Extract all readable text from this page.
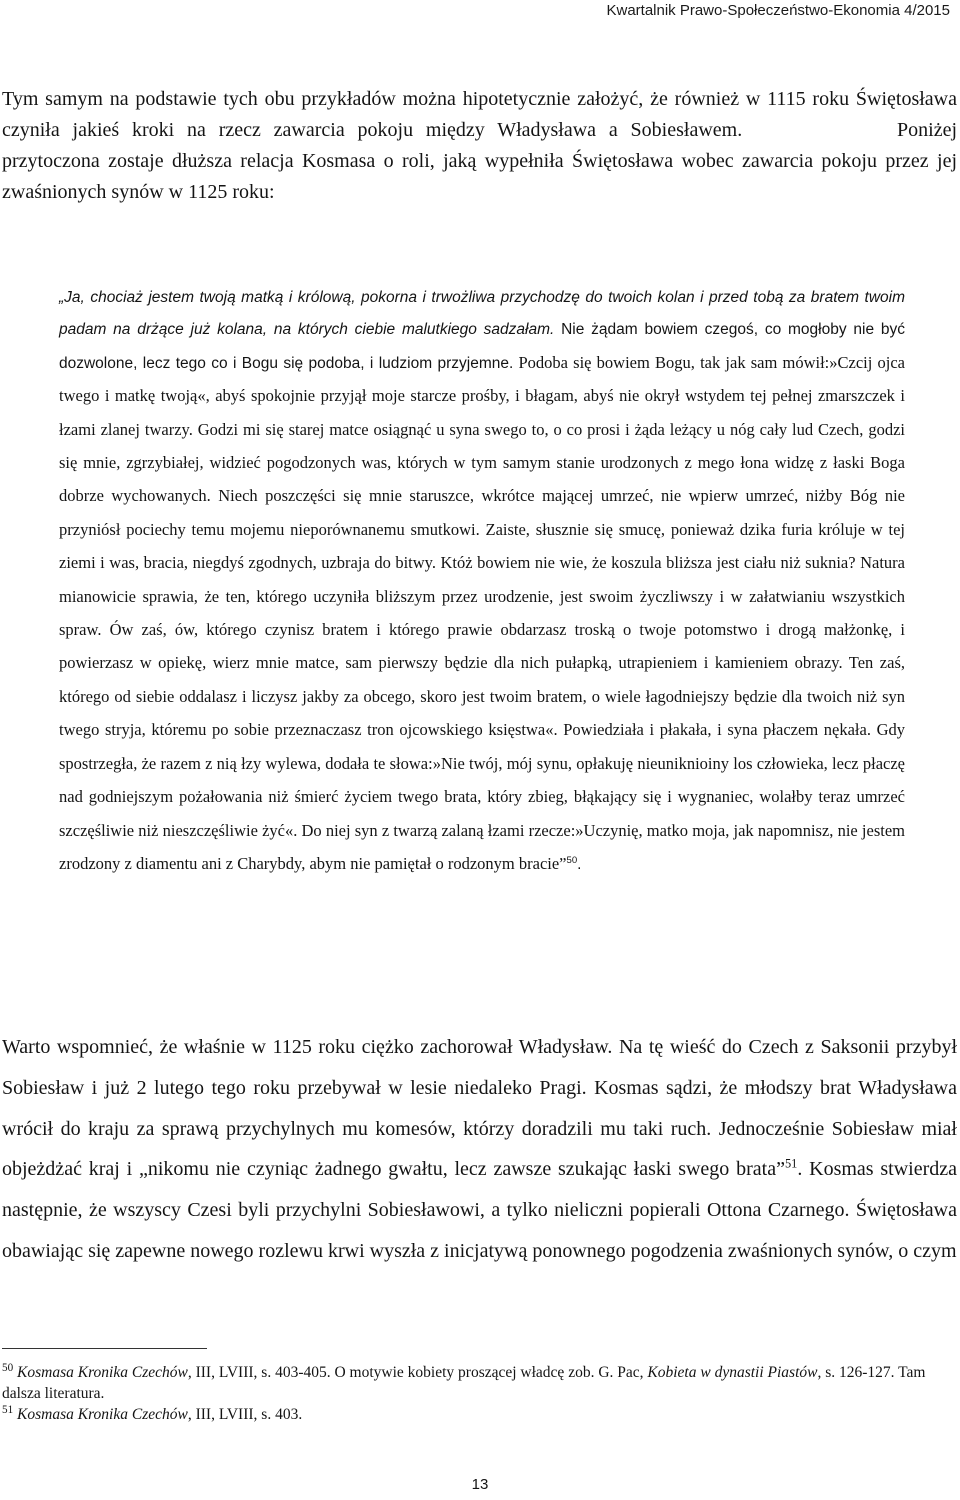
Kwartalnik Prawo-Społeczeństwo-Ekonomia 4/2015

Tym samym na podstawie tych obu przykładów można hipotetycznie założyć, że również w 1115 roku Świętosława czyniła jakieś kroki na rzecz zawarcia pokoju między Władysława a Sobiesławem.	Poniżej przytoczona zostaje dłuższa relacja Kosmasa o roli, jaką wypełniła Świętosława wobec zawarcia pokoju przez jej zwaśnionych synów w 1125 roku:

„Ja, chociaż jestem twoją matką i królową, pokorna i trwożliwa przychodzę do twoich kolan i przed tobą za bratem twoim padam na drżące już kolana, na których ciebie malutkiego sadzałam. Nie żądam bowiem czegoś, co mogłoby nie być dozwolone, lecz tego co i Bogu się podoba, i ludziom przyjemne. Podoba się bowiem Bogu, tak jak sam mówił:»Czcij ojca twego i matkę twoją«, abyś spokojnie przyjął moje starcze prośby, i błagam, abyś nie okrył wstydem tej pełnej zmarszczek i łzami zlanej twarzy. Godzi mi się starej matce osiągnąć u syna swego to, o co prosi i żąda leżący u nóg cały lud Czech, godzi się mnie, zgrzybiałej, widzieć pogodzonych was, których w tym samym stanie urodzonych z mego łona widzę z łaski Boga dobrze wychowanych. Niech poszczęści się mnie staruszce, wkrótce mającej umrzeć, nie wpierw umrzeć, niżby Bóg nie przyniósł pociechy temu mojemu nieporównanemu smutkowi. Zaiste, słusznie się smucę, ponieważ dzika furia króluje w tej ziemi i was, bracia, niegdyś zgodnych, uzbraja do bitwy. Któż bowiem nie wie, że koszula bliższa jest ciału niż suknia? Natura mianowicie sprawia, że ten, którego uczyniła bliższym przez urodzenie, jest swoim życzliwszy i w załatwianiu wszystkich spraw. Ów zaś, ów, którego czynisz bratem i którego prawie obdarzasz troską o twoje potomstwo i drogą małżonkę, i powierzasz w opiekę, wierz mnie matce, sam pierwszy będzie dla nich pułapką, utrapieniem i kamieniem obrazy. Ten zaś, którego od siebie oddalasz i liczysz jakby za obcego, skoro jest twoim bratem, o wiele łagodniejszy będzie dla twoich niż syn twego stryja, któremu po sobie przeznaczasz tron ojcowskiego księstwa«. Powiedziała i płakała, i syna płaczem nękała. Gdy spostrzegła, że razem z nią łzy wylewa, dodała te słowa:»Nie twój, mój synu, opłakuję nieuniknioiny los człowieka, lecz płaczę nad godniejszym pożałowania niż śmierć życiem twego brata, który zbieg, błąkający się i wygnaniec, wolałby teraz umrzeć szczęśliwie niż nieszczęśliwie żyć«. Do niej syn z twarzą zalaną łzami rzecze:»Uczynię, matko moja, jak napomnisz, nie jestem zrodzony z diamentu ani z Charybdy, abym nie pamiętał o rodzonym bracie”$^{50}$.

Warto wspomnieć, że właśnie w 1125 roku ciężko zachorował Władysław. Na tę wieść do Czech z Saksonii przybył Sobiesław i już 2 lutego tego roku przebywał w lesie niedaleko Pragi. Kosmas sądzi, że młodszy brat Władysława wrócił do kraju za sprawą przychylnych mu komesów, którzy doradzili mu taki ruch. Jednocześnie Sobiesław miał objeżdżać kraj i „nikomu nie czyniąc żadnego gwałtu, lecz zawsze szukając łaski swego brata”$^{51}$. Kosmas stwierdza następnie, że wszyscy Czesi byli przychylni Sobiesławowi, a tylko nieliczni popierali Ottona Czarnego. Świętosława obawiając się zapewne nowego rozlewu krwi wyszła z inicjatywą ponownego pogodzenia zwaśnionych synów, o czym

$^{50}$ Kosmasa Kronika Czechów, III, LVIII, s. 403-405. O motywie kobiety proszącej władcę zob. G. Pac, Kobieta w dynastii Piastów, s. 126-127. Tam dalsza literatura.

$^{51}$ Kosmasa Kronika Czechów, III, LVIII, s. 403.

13
